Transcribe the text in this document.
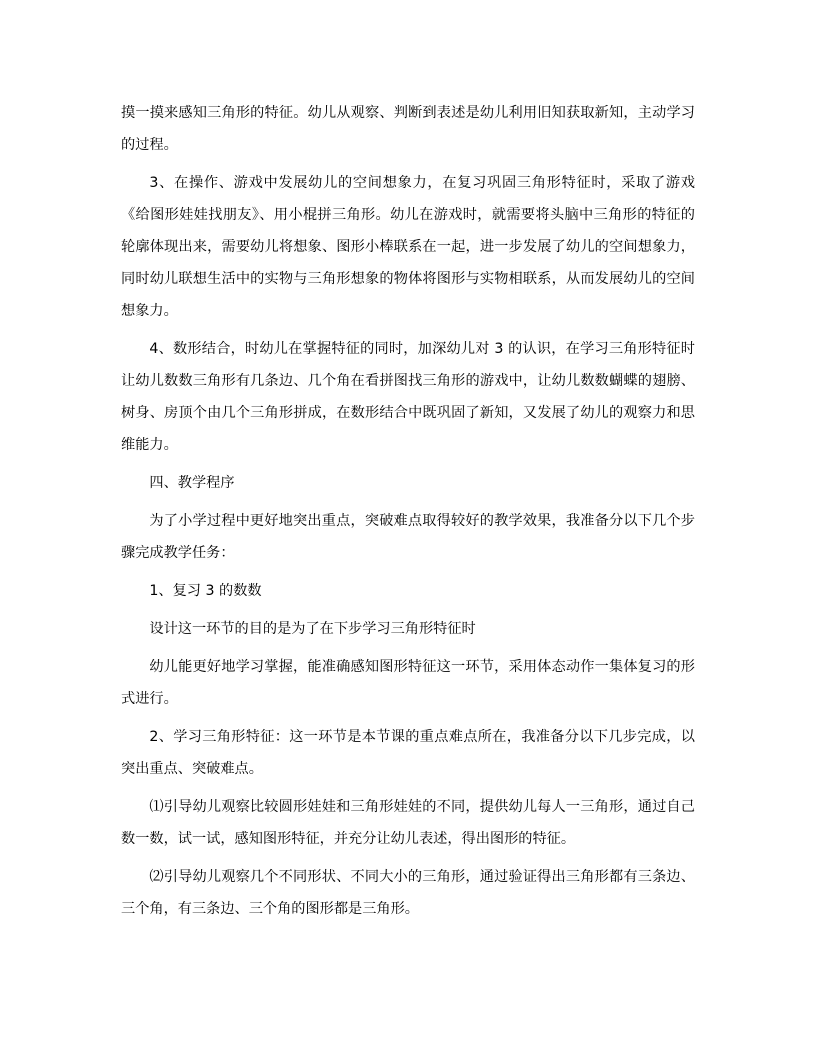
摸一摸来感知三角形的特征。幼儿从观察、判断到表述是幼儿利用旧知获取新知，主动学习的过程。

3、在操作、游戏中发展幼儿的空间想象力，在复习巩固三角形特征时，采取了游戏《给图形娃娃找朋友》、用小棍拼三角形。幼儿在游戏时，就需要将头脑中三角形的特征的轮廓体现出来，需要幼儿将想象、图形小棒联系在一起，进一步发展了幼儿的空间想象力，同时幼儿联想生活中的实物与三角形想象的物体将图形与实物相联系，从而发展幼儿的空间想象力。

4、数形结合，时幼儿在掌握特征的同时，加深幼儿对 3 的认识，在学习三角形特征时让幼儿数数三角形有几条边、几个角在看拼图找三角形的游戏中，让幼儿数数蝴蝶的翅膀、树身、房顶个由几个三角形拼成，在数形结合中既巩固了新知，又发展了幼儿的观察力和思维能力。

四、教学程序

为了小学过程中更好地突出重点，突破难点取得较好的教学效果，我准备分以下几个步骤完成教学任务：

1、复习 3 的数数

设计这一环节的目的是为了在下步学习三角形特征时

幼儿能更好地学习掌握，能准确感知图形特征这一环节，采用体态动作一集体复习的形式进行。

2、学习三角形特征：这一环节是本节课的重点难点所在，我准备分以下几步完成，以突出重点、突破难点。

⑴引导幼儿观察比较圆形娃娃和三角形娃娃的不同，提供幼儿每人一三角形，通过自己数一数，试一试，感知图形特征，并充分让幼儿表述，得出图形的特征。

⑵引导幼儿观察几个不同形状、不同大小的三角形，通过验证得出三角形都有三条边、三个角，有三条边、三个角的图形都是三角形。
